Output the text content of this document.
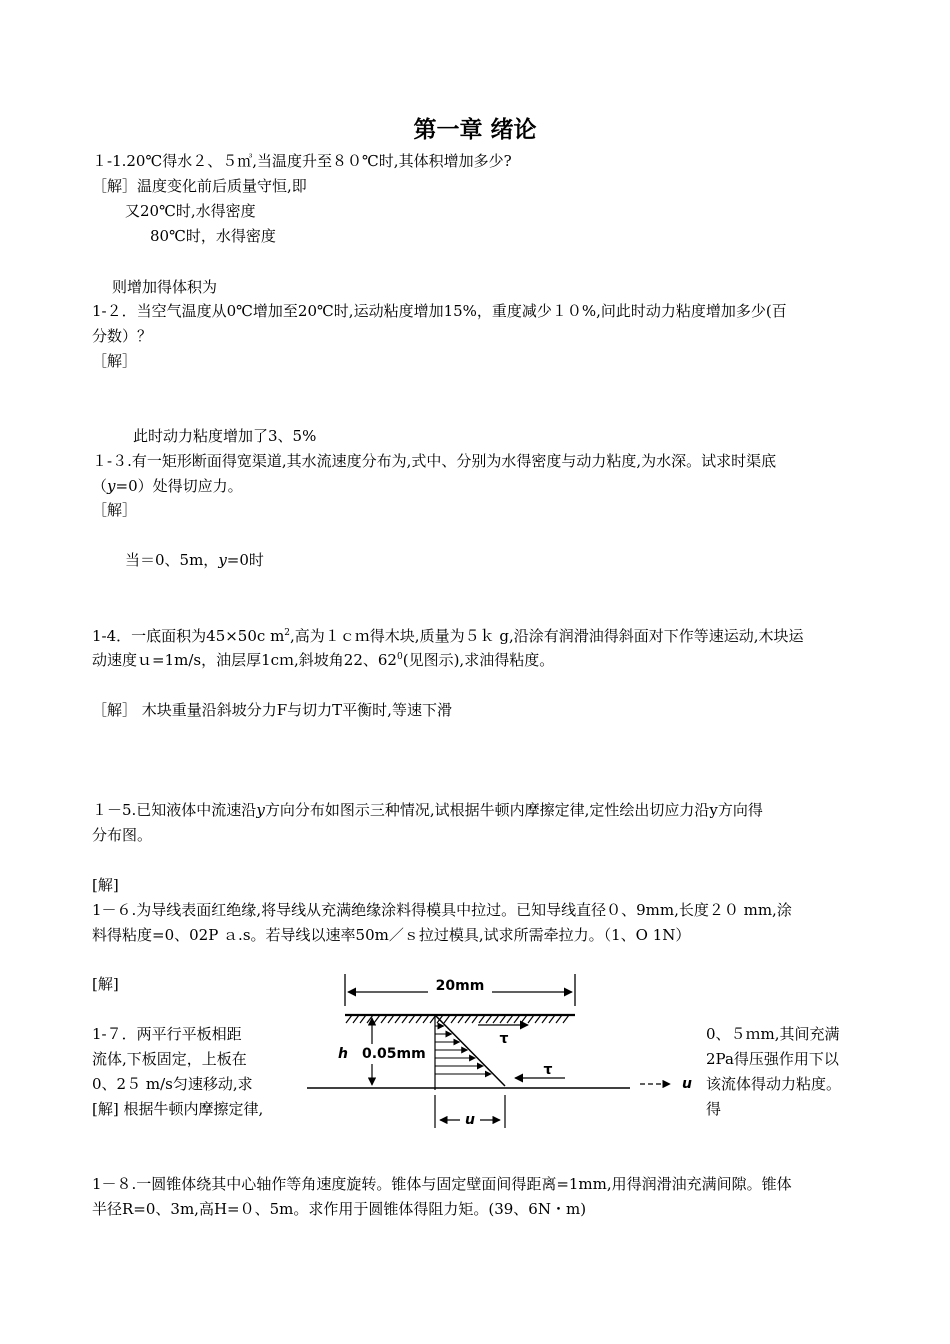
第一章 绪论
１-1.20℃得水２、５㎥,当温度升至８０℃时,其体积增加多少?
［解］温度变化前后质量守恒,即
又20℃时,水得密度
80℃时，水得密度
则增加得体积为
1-２．当空气温度从0℃增加至20℃时,运动粘度增加15%，重度减少１０%,问此时动力粘度增加多少(百
分数）？
［解］
此时动力粘度增加了3、5%
１-３.有一矩形断面得宽渠道,其水流速度分布为,式中、分别为水得密度与动力粘度,为水深。试求时渠底
（y=0）处得切应力。
［解］
当＝0、5m，y=0时
1-4．一底面积为45×50c $m^2$,高为１ｃｍ得木块,质量为５ｋ g,沿涂有润滑油得斜面对下作等速运动,木块运
动速度ｕ=1m/s，油层厚1cｍ,斜坡角22、$62^0$(见图示),求油得粘度。
［解］ 木块重量沿斜坡分力F与切力T平衡时,等速下滑
１－5.已知液体中流速沿y方向分布如图示三种情况,试根据牛顿内摩擦定律,定性绘出切应力沿y方向得
分布图。
[解]
1－６.为导线表面红绝缘,将导线从充满绝缘涂料得模具中拉过。已知导线直径０、9mm,长度２０ mm,涂
料得粘度=0、02P ａ.s。若导线以速率50m／ｓ拉过模具,试求所需牵拉力。（1、O 1N）
[解]
1-７．两平行平板相距
流体,下板固定，上板在
0、2５ m/s匀速移动,求
[解] 根据牛顿内摩擦定律,
0、５ｍm,其间充满
2Pa得压强作用下以
该流体得动力粘度。
得
20mm
τ
τ
h 0.05mm
u
u
1－８.一圆锥体绕其中心轴作等角速度旋转。锥体与固定壁面间得距离=1mm,用得润滑油充满间隙。锥体
半径R=0、3m,高H=０、5m。求作用于圆锥体得阻力矩。(39、6N・m)
